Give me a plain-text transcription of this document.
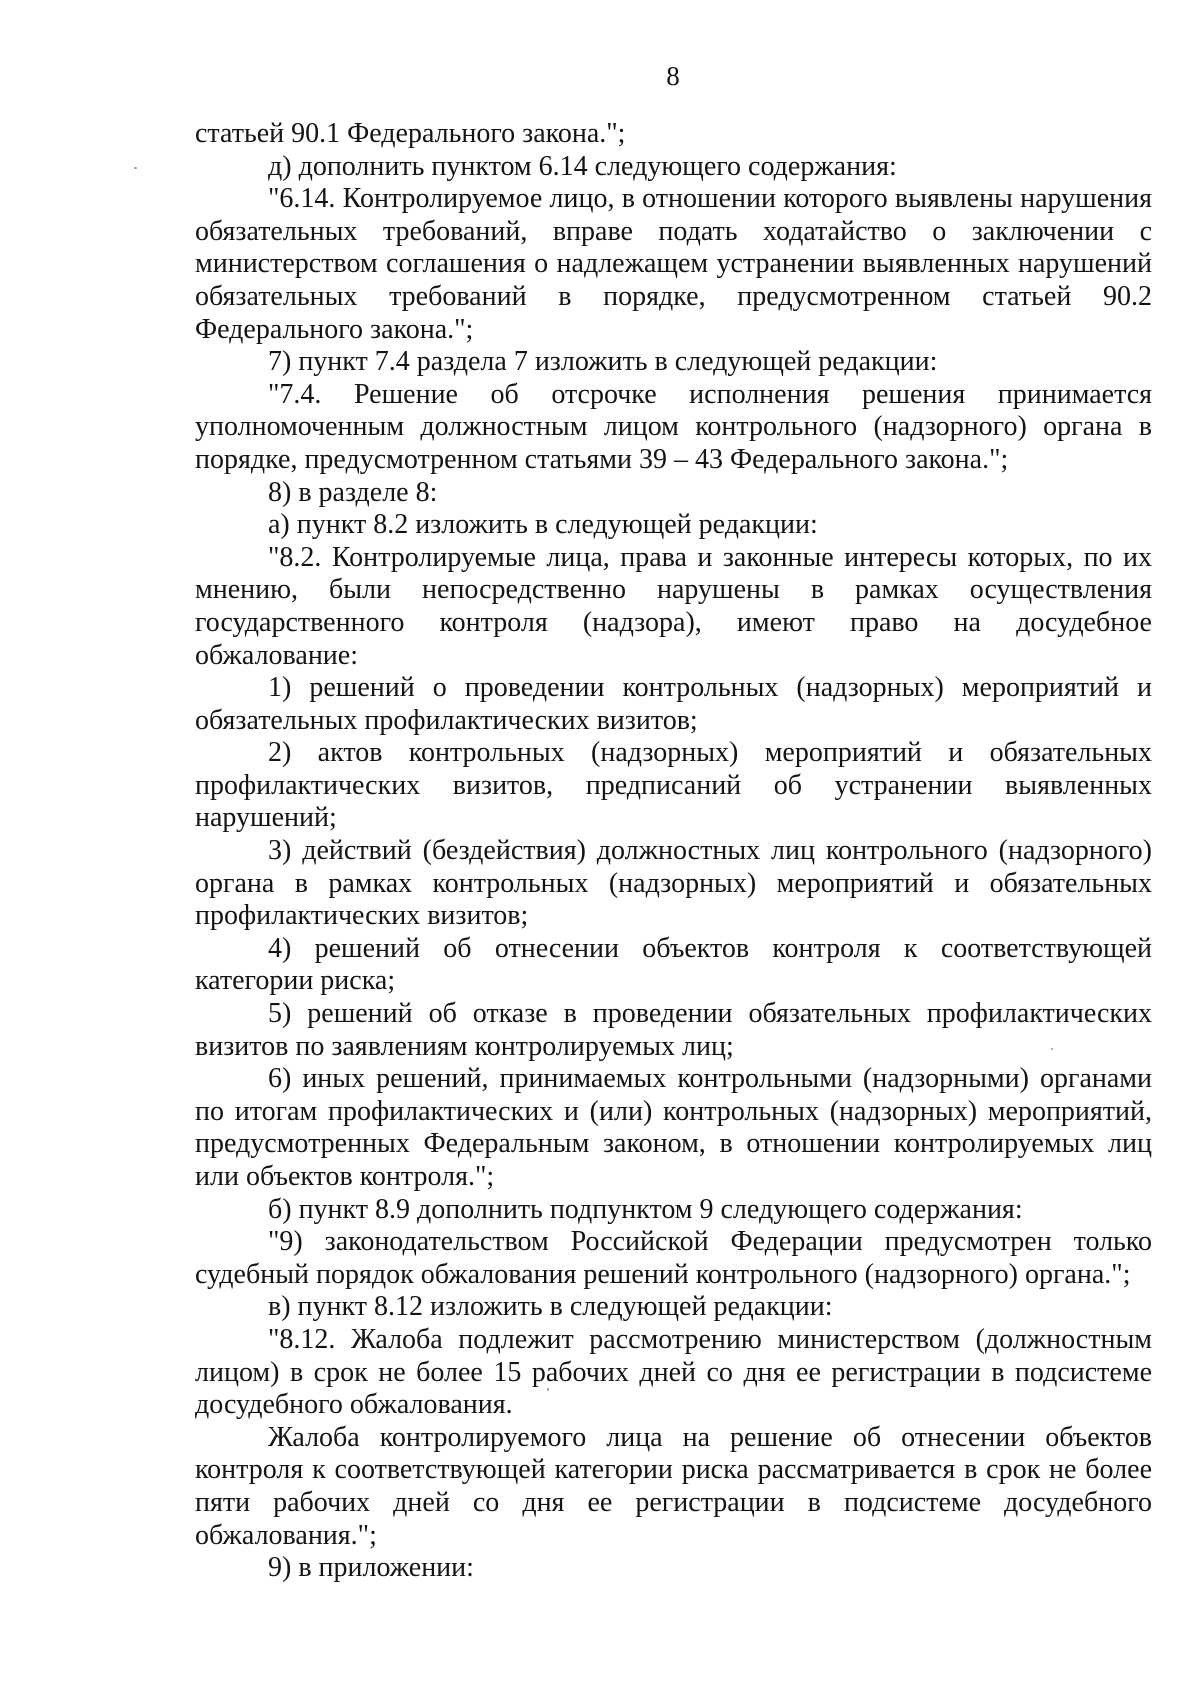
8

статьей 90.1 Федерального закона.";

д) дополнить пунктом 6.14 следующего содержания:

"6.14. Контролируемое лицо, в отношении которого выявлены нарушения обязательных требований, вправе подать ходатайство о заключении с министерством соглашения о надлежащем устранении выявленных нарушений обязательных требований в порядке, предусмотренном статьей 90.2 Федерального закона.";

7) пункт 7.4 раздела 7 изложить в следующей редакции:

"7.4. Решение об отсрочке исполнения решения принимается уполномоченным должностным лицом контрольного (надзорного) органа в порядке, предусмотренном статьями 39 – 43 Федерального закона.";

8) в разделе 8:

а) пункт 8.2 изложить в следующей редакции:

"8.2. Контролируемые лица, права и законные интересы которых, по их мнению, были непосредственно нарушены в рамках осуществления государственного контроля (надзора), имеют право на досудебное обжалование:

1) решений о проведении контрольных (надзорных) мероприятий и обязательных профилактических визитов;

2) актов контрольных (надзорных) мероприятий и обязательных профилактических визитов, предписаний об устранении выявленных нарушений;

3) действий (бездействия) должностных лиц контрольного (надзорного) органа в рамках контрольных (надзорных) мероприятий и обязательных профилактических визитов;

4) решений об отнесении объектов контроля к соответствующей категории риска;

5) решений об отказе в проведении обязательных профилактических визитов по заявлениям контролируемых лиц;

6) иных решений, принимаемых контрольными (надзорными) органами по итогам профилактических и (или) контрольных (надзорных) мероприятий, предусмотренных Федеральным законом, в отношении контролируемых лиц или объектов контроля.";

б) пункт 8.9 дополнить подпунктом 9 следующего содержания:

"9) законодательством Российской Федерации предусмотрен только судебный порядок обжалования решений контрольного (надзорного) органа.";

в) пункт 8.12 изложить в следующей редакции:

"8.12. Жалоба подлежит рассмотрению министерством (должностным лицом) в срок не более 15 рабочих дней со дня ее регистрации в подсистеме досудебного обжалования.

Жалоба контролируемого лица на решение об отнесении объектов контроля к соответствующей категории риска рассматривается в срок не более пяти рабочих дней со дня ее регистрации в подсистеме досудебного обжалования.";

9) в приложении:
